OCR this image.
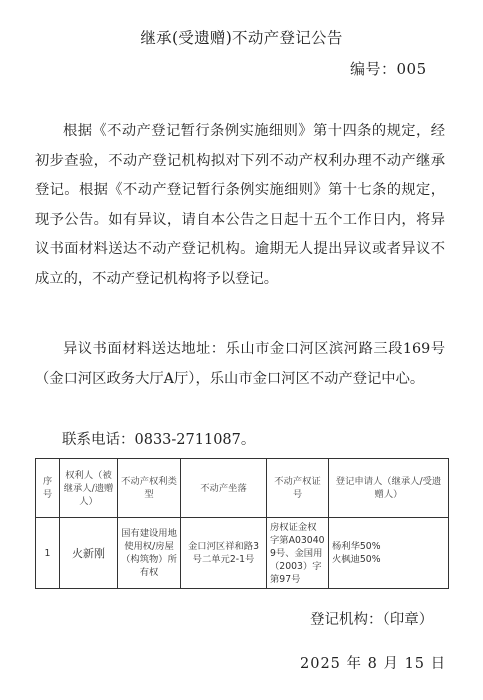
继承(受遗赠)不动产登记公告
编号：005
根据《不动产登记暂行条例实施细则》第十四条的规定，经初步查验，不动产登记机构拟对下列不动产权利办理不动产继承登记。根据《不动产登记暂行条例实施细则》第十七条的规定，现予公告。如有异议，请自本公告之日起十五个工作日内，将异议书面材料送达不动产登记机构。逾期无人提出异议或者异议不成立的，不动产登记机构将予以登记。
异议书面材料送达地址：乐山市金口河区滨河路三段169号（金口河区政务大厅A厅），乐山市金口河区不动产登记中心。
联系电话：0833-2711087。
序号	权利人（被继承人/遗赠人）	不动产权利类型	不动产坐落	不动产权证号	登记申请人（继承人/受遗赠人）
1	火新刚	国有建设用地使用权/房屋（构筑物）所有权	金口河区祥和路3号二单元2-1号	房权证金权字第A030409号、金国用（2003）字第97号	杨利华50%
火枫迪50%
登记机构：（印章）
2025 年 8 月 15 日
